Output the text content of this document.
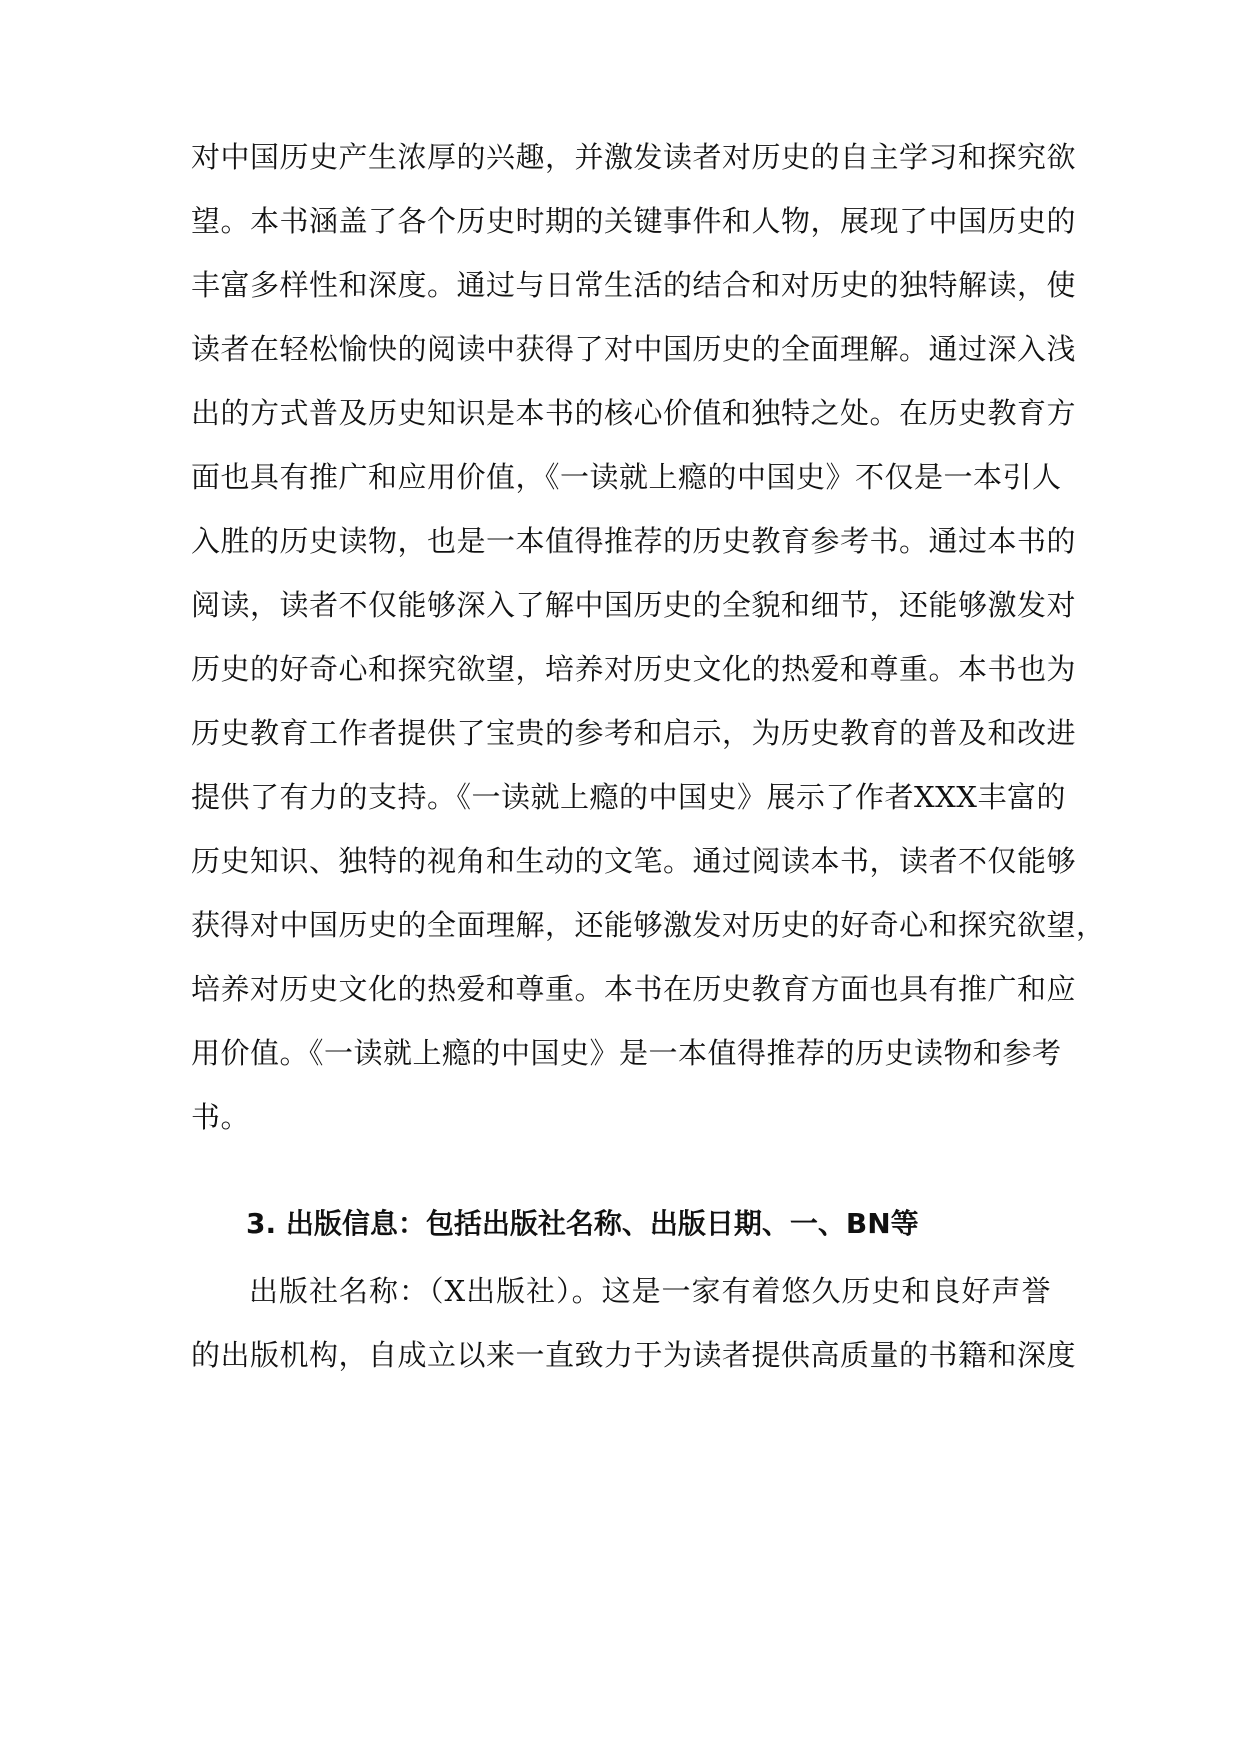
对中国历史产生浓厚的兴趣，并激发读者对历史的自主学习和探究欲
望。本书涵盖了各个历史时期的关键事件和人物，展现了中国历史的
丰富多样性和深度。通过与日常生活的结合和对历史的独特解读，使
读者在轻松愉快的阅读中获得了对中国历史的全面理解。通过深入浅
出的方式普及历史知识是本书的核心价值和独特之处。在历史教育方
面也具有推广和应用价值，《一读就上瘾的中国史》不仅是一本引人
入胜的历史读物，也是一本值得推荐的历史教育参考书。通过本书的
阅读，读者不仅能够深入了解中国历史的全貌和细节，还能够激发对
历史的好奇心和探究欲望，培养对历史文化的热爱和尊重。本书也为
历史教育工作者提供了宝贵的参考和启示，为历史教育的普及和改进
提供了有力的支持。《一读就上瘾的中国史》展示了作者XXX丰富的
历史知识、独特的视角和生动的文笔。通过阅读本书，读者不仅能够
获得对中国历史的全面理解，还能够激发对历史的好奇心和探究欲望，
培养对历史文化的热爱和尊重。本书在历史教育方面也具有推广和应
用价值。《一读就上瘾的中国史》是一本值得推荐的历史读物和参考
书。
3. 出版信息：包括出版社名称、出版日期、一、BN等
出版社名称：（X出版社）。这是一家有着悠久历史和良好声誉
的出版机构，自成立以来一直致力于为读者提供高质量的书籍和深度
